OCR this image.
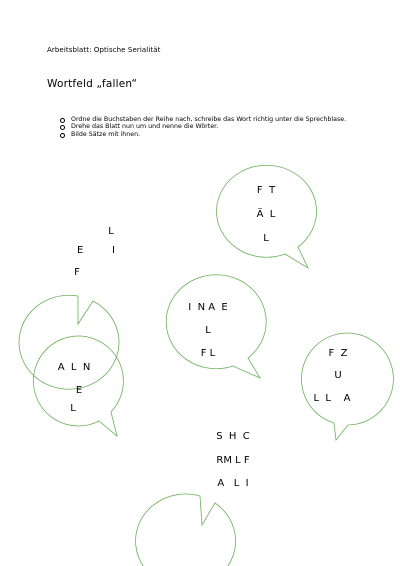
Arbeitsblatt: Optische Serialität
Wortfeld „fallen“
Ordne die Buchstaben der Reihe nach, schreibe das Wort richtig unter die Sprechblase.
Drehe das Blatt nun um und nenne die Wörter.
Bilde Sätze mit ihnen.
F  T
Ä  L
L
L
E         I
F
I  N A  E
L
F L
A  L  N
E
L
F  Z
U
L  L    A
S  H  C
RM L F
A   L  I
